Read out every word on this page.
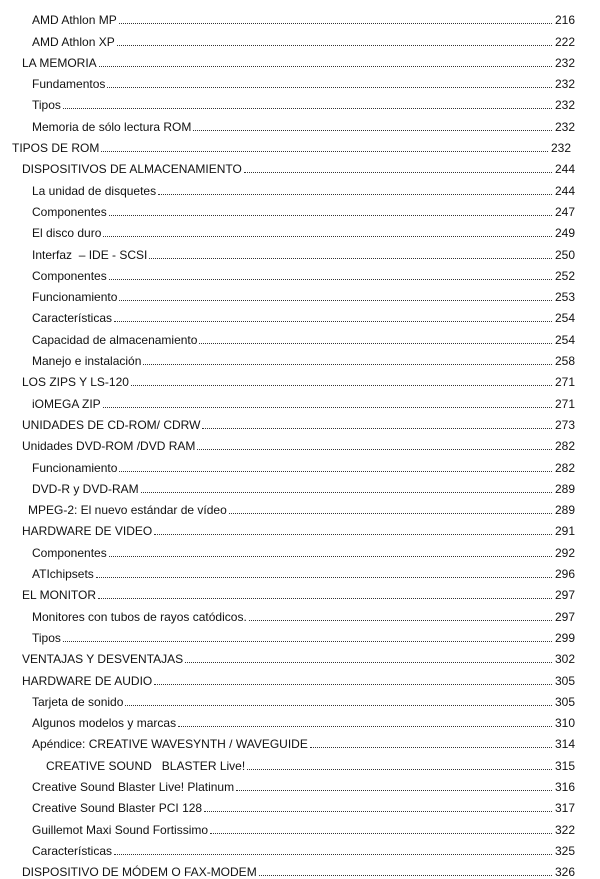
AMD Athlon MP	216
AMD Athlon XP	222
LA MEMORIA	232
Fundamentos	232
Tipos	232
Memoria de sólo lectura ROM	232
TIPOS DE ROM	232
DISPOSITIVOS DE ALMACENAMIENTO	244
La unidad de disquetes	244
Componentes	247
El disco duro	249
Interfaz  – IDE - SCSI	250
Componentes	252
Funcionamiento	253
Características	254
Capacidad de almacenamiento	254
Manejo e instalación	258
LOS ZIPS Y LS-120	271
iOMEGA ZIP	271
UNIDADES DE CD-ROM/ CDRW	273
Unidades DVD-ROM /DVD RAM	282
Funcionamiento	282
DVD-R y DVD-RAM	289
MPEG-2: El nuevo estándar de vídeo	289
HARDWARE DE VIDEO	291
Componentes	292
ATIchipsets	296
EL MONITOR	297
Monitores con tubos de rayos catódicos.	297
Tipos	299
VENTAJAS Y DESVENTAJAS	302
HARDWARE DE AUDIO	305
Tarjeta de sonido	305
Algunos modelos y marcas	310
Apéndice: CREATIVE WAVESYNTH / WAVEGUIDE	314
CREATIVE SOUND   BLASTER Live!	315
Creative Sound Blaster Live! Platinum	316
Creative Sound Blaster PCI 128	317
Guillemot Maxi Sound Fortissimo	322
Características	325
DISPOSITIVO DE MÓDEM O FAX-MODEM	326
